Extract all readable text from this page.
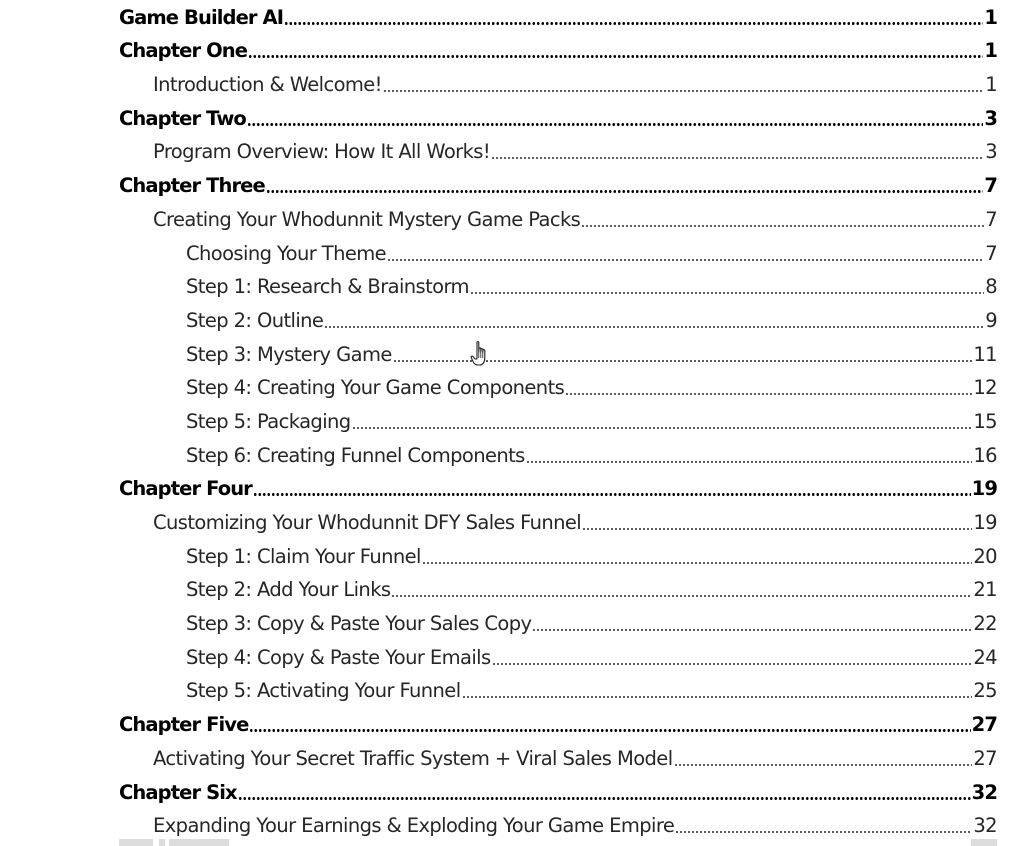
Game Builder AI	1
Chapter One	1
Introduction & Welcome!	1
Chapter Two	3
Program Overview: How It All Works!	3
Chapter Three	7
Creating Your Whodunnit Mystery Game Packs	7
Choosing Your Theme	7
Step 1: Research & Brainstorm	8
Step 2: Outline	9
Step 3: Mystery Game	11
Step 4: Creating Your Game Components	12
Step 5: Packaging	15
Step 6: Creating Funnel Components	16
Chapter Four	19
Customizing Your Whodunnit DFY Sales Funnel	19
Step 1: Claim Your Funnel	20
Step 2: Add Your Links	21
Step 3: Copy & Paste Your Sales Copy	22
Step 4: Copy & Paste Your Emails	24
Step 5: Activating Your Funnel	25
Chapter Five	27
Activating Your Secret Traffic System + Viral Sales Model	27
Chapter Six	32
Expanding Your Earnings & Exploding Your Game Empire	32
